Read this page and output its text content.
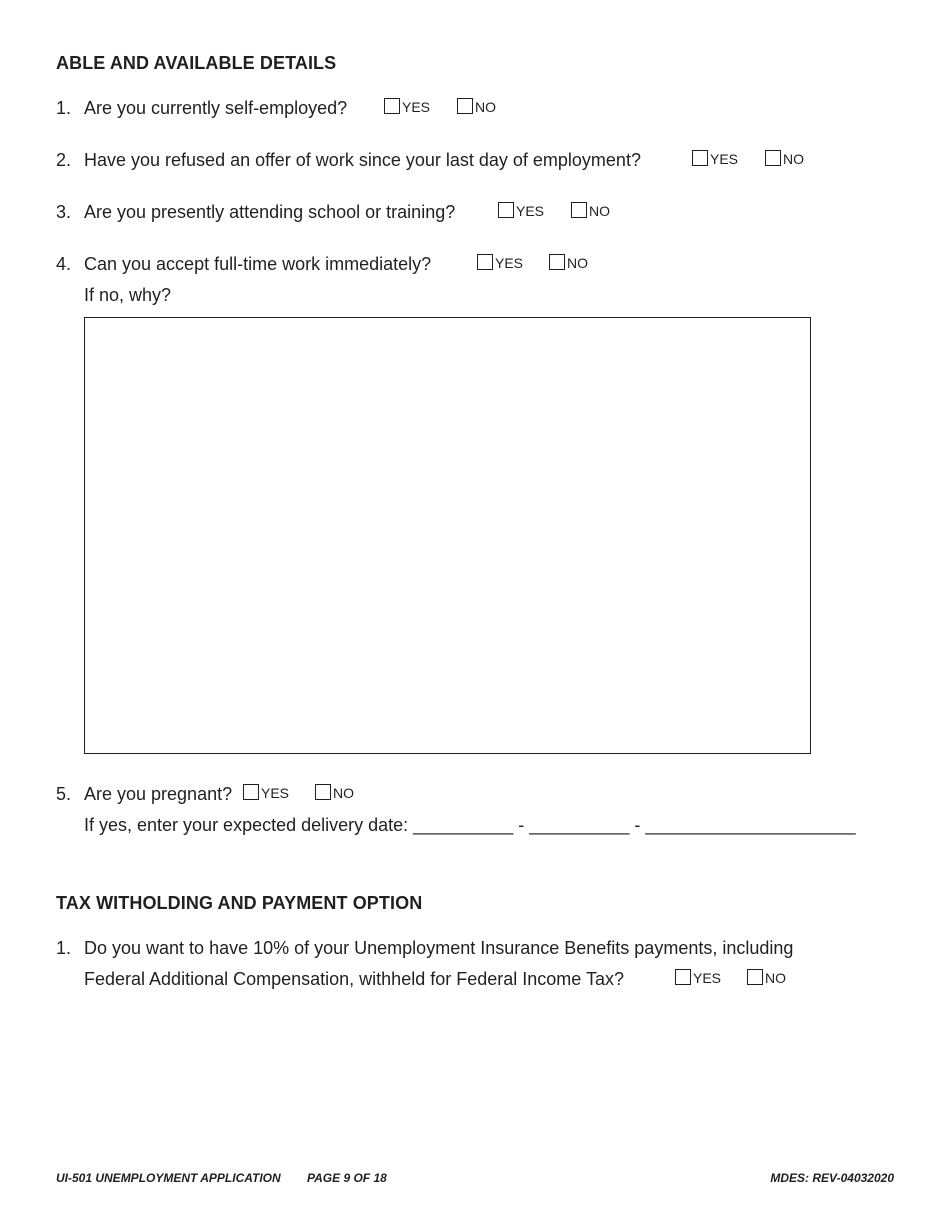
ABLE AND AVAILABLE DETAILS
1. Are you currently self-employed?	YES	NO
2. Have you refused an offer of work since your last day of employment?	YES	NO
3. Are you presently attending school or training?	YES	NO
4. Can you accept full-time work immediately?	YES	NO
If no, why?
5. Are you pregnant? YES	NO
If yes, enter your expected delivery date: __________ - __________ - _____________________
TAX WITHOLDING AND PAYMENT OPTION
1. Do you want to have 10% of your Unemployment Insurance Benefits payments, including
Federal Additional Compensation, withheld for Federal Income Tax?	YES	NO
UI-501 UNEMPLOYMENT APPLICATION PAGE 9 OF 18	MDES: REV-04032020
